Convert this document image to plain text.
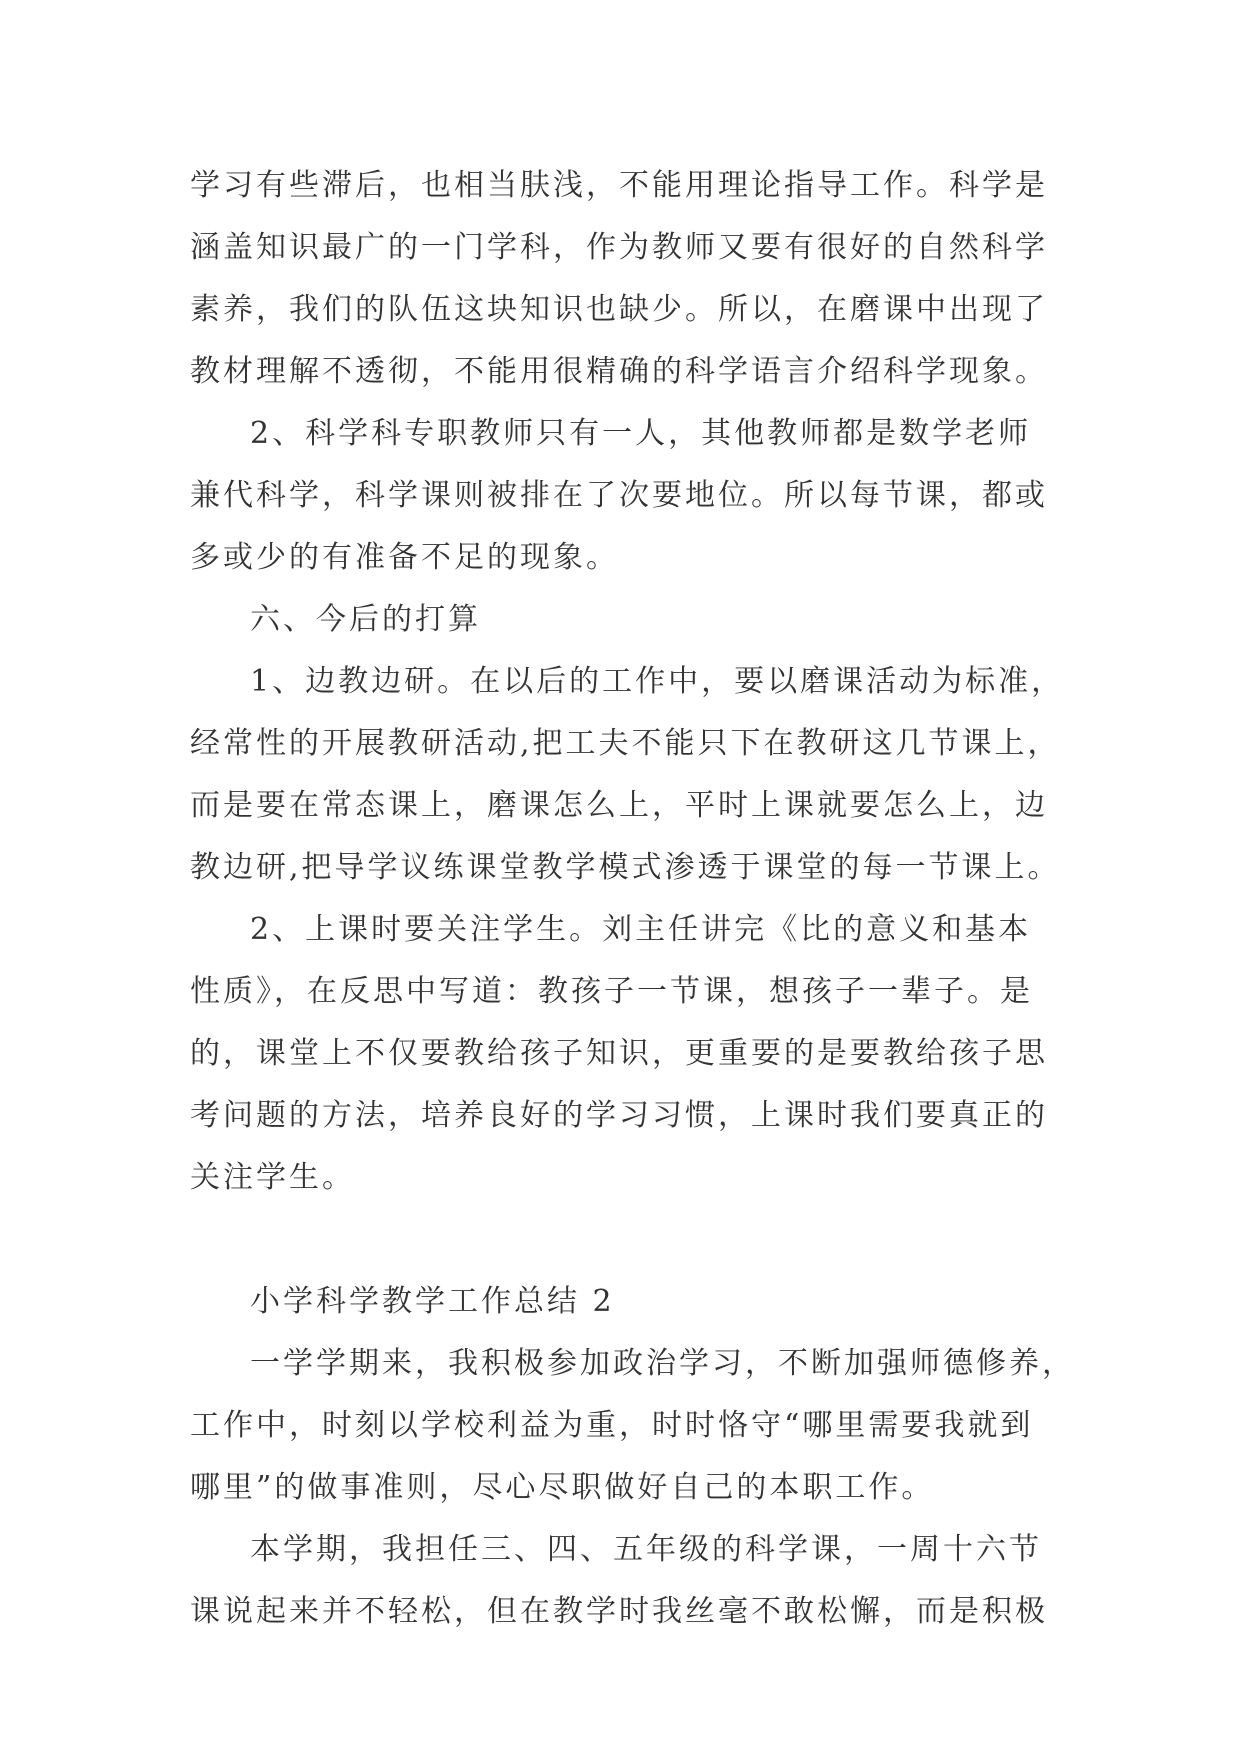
学习有些滞后，也相当肤浅，不能用理论指导工作。科学是
涵盖知识最广的一门学科，作为教师又要有很好的自然科学
素养，我们的队伍这块知识也缺少。所以，在磨课中出现了
教材理解不透彻，不能用很精确的科学语言介绍科学现象。
2、科学科专职教师只有一人，其他教师都是数学老师
兼代科学，科学课则被排在了次要地位。所以每节课，都或
多或少的有准备不足的现象。
六、今后的打算
1、边教边研。在以后的工作中，要以磨课活动为标准，
经常性的开展教研活动,把工夫不能只下在教研这几节课上，
而是要在常态课上，磨课怎么上，平时上课就要怎么上，边
教边研,把导学议练课堂教学模式渗透于课堂的每一节课上。
2、上课时要关注学生。刘主任讲完《比的意义和基本
性质》，在反思中写道：教孩子一节课，想孩子一辈子。是
的，课堂上不仅要教给孩子知识，更重要的是要教给孩子思
考问题的方法，培养良好的学习习惯，上课时我们要真正的
关注学生。
小学科学教学工作总结 2
一学学期来，我积极参加政治学习，不断加强师德修养，
工作中，时刻以学校利益为重，时时恪守“哪里需要我就到
哪里”的做事准则，尽心尽职做好自己的本职工作。
本学期，我担任三、四、五年级的科学课，一周十六节
课说起来并不轻松，但在教学时我丝毫不敢松懈，而是积极
